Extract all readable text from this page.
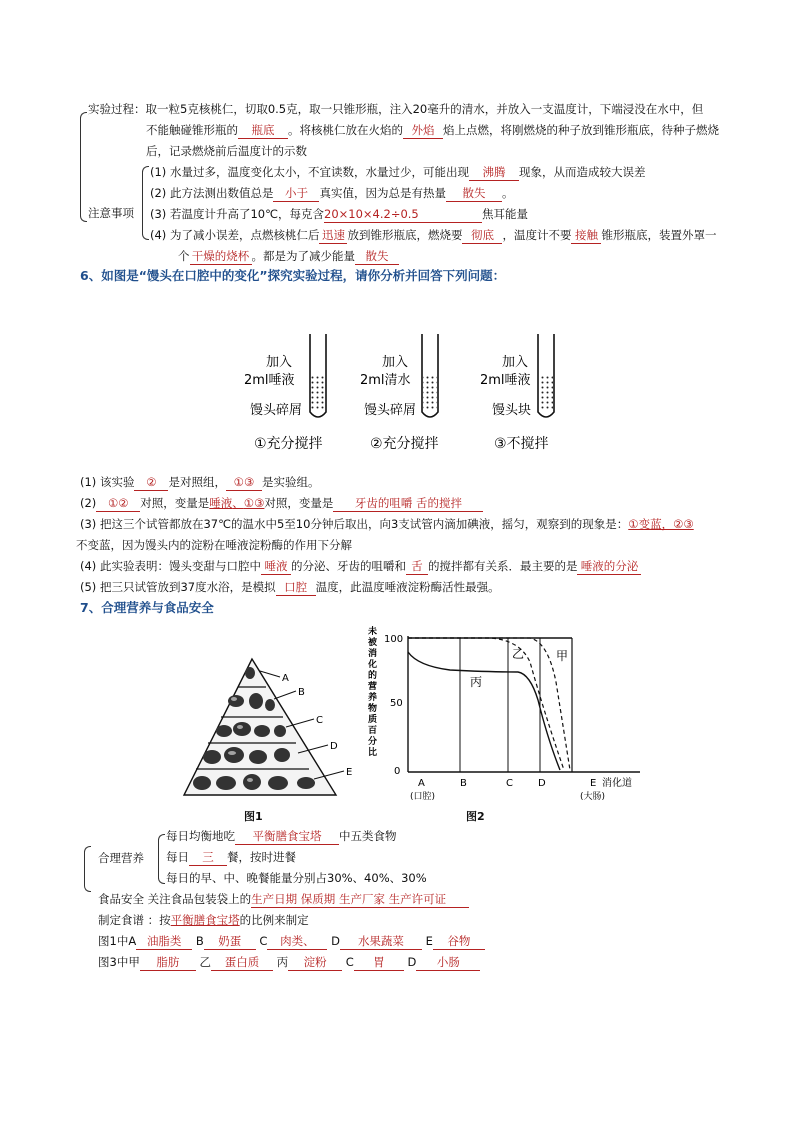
实验过程：取一粒5克核桃仁，切取0.5克，取一只锥形瓶，注入20毫升的清水，并放入一支温度计，下端浸没在水中，但
不能触碰锥形瓶的 瓶底 。将核桃仁放在火焰的 外焰 焰上点燃，将刚燃烧的种子放到锥形瓶底，待种子燃烧
后，记录燃烧前后温度计的示数
注意事项
(1) 水量过多，温度变化太小，不宜读数，水量过少，可能出现 沸腾 现象，从而造成较大误差
(2) 此方法测出数值总是 小于 真实值，因为总是有热量 散失 。
(3) 若温度计升高了10℃，每克含20×10×4.2÷0.5	焦耳能量
(4) 为了减小误差，点燃核桃仁后 迅速 放到锥形瓶底，燃烧要 彻底 ，温度计不要 接触 锥形瓶底，装置外罩一
个 干燥的烧杯 。都是为了减少能量 散失
6、如图是“馒头在口腔中的变化”探究实验过程，请你分析并回答下列问题：
加入
2ml唾液
馒头碎屑
①充分搅拌
加入
2ml清水
馒头碎屑
②充分搅拌
加入
2ml唾液
馒头块
③不搅拌
(1) 该实验 ② 是对照组， ①③ 是实验组。
(2) ①② 对照，变量是唾液、①③对照，变量是 牙齿的咀嚼 舌的搅拌
(3) 把这三个试管都放在37℃的温水中5至10分钟后取出，向3支试管内滴加碘液，摇匀，观察到的现象是：①变蓝，②③
不变蓝，因为馒头内的淀粉在唾液淀粉酶的作用下分解
(4) 此实验表明：馒头变甜与口腔中 唾液 的分泌、牙齿的咀嚼和 舌 的搅拌都有关系．最主要的是 唾液的分泌
(5) 把三只试管放到37度水浴，是模拟 口腔 温度，此温度唾液淀粉酶活性最强。
7、合理营养与食品安全
A
B
C
D
E
图1
未
被
消
化
的
营
养
物
质
百
分
比
100
50
0
甲
乙
丙
A	B	C	D	E 消化道
(口腔)	(大肠)
图2
合理营养
每日均衡地吃 平衡膳食宝塔 中五类食物
每日 三 餐，按时进餐
每日的早、中、晚餐能量分别占30%、40%、30%
食品安全 关注食品包装袋上的生产日期 保质期 生产厂家 生产许可证
制定食谱 ：按平衡膳食宝塔的比例来制定
图1中A 油脂类 B 奶蛋 C 肉类、 D 水果蔬菜 E 谷物
图3中甲 脂肪 乙 蛋白质 丙 淀粉 C 胃 D 小肠
